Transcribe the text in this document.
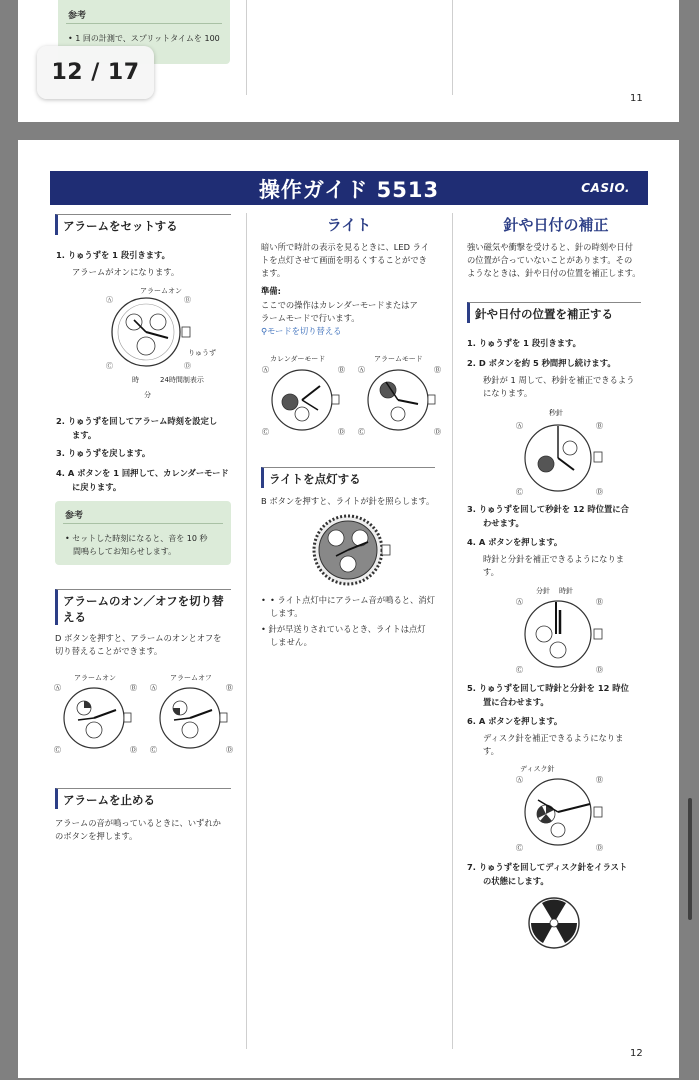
参考
• 1 回の計測で、スプリットタイムを 100
11
操作ガイド 5513	CASIO.
アラームをセットする
1. りゅうずを 1 段引きます。
アラームがオンになります。
アラームオン
Ⓐ	Ⓑ
Ⓒ	Ⓓ
りゅうず
時	24時間制表示
分
2. りゅうずを回してアラーム時刻を設定し
ます。
3. りゅうずを戻します。
4. A ボタンを 1 回押して、カレンダーモード
に戻ります。
参考
• セットした時刻になると、音を 10 秒
間鳴らしてお知らせします。
アラームのオン／オフを切り替
える
D ボタンを押すと、アラームのオンとオフを
切り替えることができます。
アラームオン	アラームオフ
Ⓐ	Ⓑ
Ⓒ	Ⓓ
Ⓐ	Ⓑ
Ⓒ	Ⓓ
アラームを止める
アラームの音が鳴っているときに、いずれか
のボタンを押します。
ライト
暗い所で時計の表示を見るときに、LED ライ
トを点灯させて画面を明るくすることができ
ます。
準備:
ここでの操作はカレンダーモードまたはア
ラームモードで行います。
⚲モードを切り替える
カレンダーモード	アラームモード
Ⓐ	Ⓑ
Ⓒ	Ⓓ
Ⓐ	Ⓑ
Ⓒ	Ⓓ
ライトを点灯する
B ボタンを押すと、ライトが針を照らします。
• • ライト点灯中にアラーム音が鳴ると、消灯
します。
• 針が早送りされているとき、ライトは点灯
しません。
針や日付の補正
強い磁気や衝撃を受けると、針の時刻や日付
の位置が合っていないことがあります。その
ようなときは、針や日付の位置を補正します。
針や日付の位置を補正する
1. りゅうずを 1 段引きます。
2. D ボタンを約 5 秒間押し続けます。
秒針が 1 周して、秒針を補正できるよう
になります。
秒針
Ⓐ	Ⓑ
Ⓒ	Ⓓ
3. りゅうずを回して秒針を 12 時位置に合
わせます。
4. A ボタンを押します。
時針と分針を補正できるようになりま
す。
分針 時針
Ⓐ	Ⓑ
Ⓒ	Ⓓ
5. りゅうずを回して時針と分針を 12 時位
置に合わせます。
6. A ボタンを押します。
ディスク針を補正できるようになりま
す。
ディスク針
Ⓐ	Ⓑ
Ⓒ	Ⓓ
7. りゅうずを回してディスク針をイラスト
の状態にします。
12
12 / 17
